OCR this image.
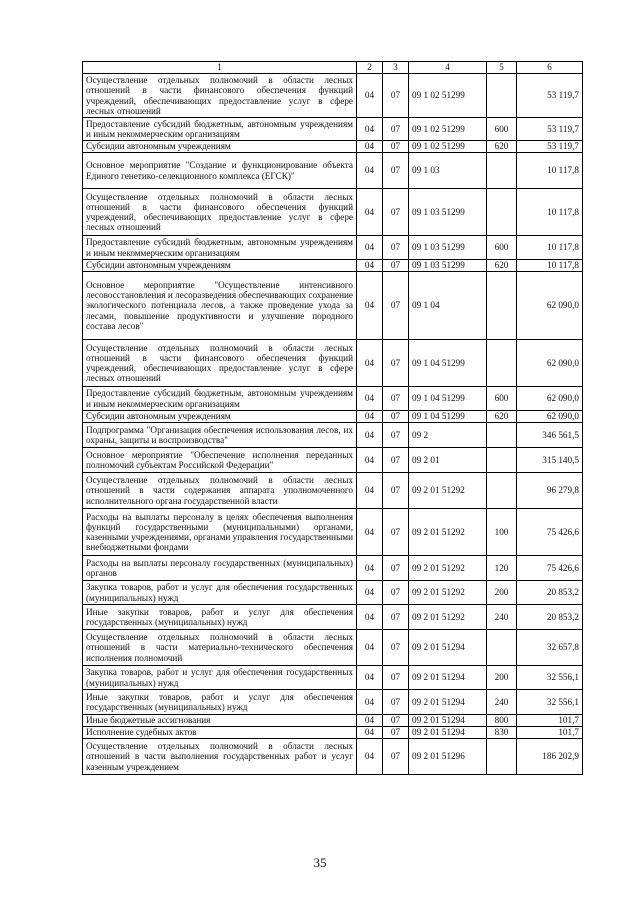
1	2	3	4	5	6
Осуществление отдельных полномочий в области лесных отношений в части финансового обеспечения функций учреждений, обеспечивающих предоставление услуг в сфере лесных отношений	04	07	09 1 02 51299		53 119,7
Предоставление субсидий бюджетным, автономным учреждениям и иным некоммерческим организациям	04	07	09 1 02 51299	600	53 119,7
Субсидии автономным учреждениям	04	07	09 1 02 51299	620	53 119,7
Основное мероприятие "Создание и функционирование объекта Единого генетико-селекционного комплекса (ЕГСК)"	04	07	09 1 03		10 117,8
Осуществление отдельных полномочий в области лесных отношений в части финансового обеспечения функций учреждений, обеспечивающих предоставление услуг в сфере лесных отношений	04	07	09 1 03 51299		10 117,8
Предоставление субсидий бюджетным, автономным учреждениям и иным некоммерческим организациям	04	07	09 1 03 51299	600	10 117,8
Субсидии автономным учреждениям	04	07	09 1 03 51299	620	10 117,8
Основное мероприятие "Осуществление интенсивного лесовосстановления и лесоразведения обеспечивающих сохранение экологического потенциала лесов, а также проведение ухода за лесами, повышение продуктивности и улучшение породного состава лесов"	04	07	09 1 04		62 090,0
Осуществление отдельных полномочий в области лесных отношений в части финансового обеспечения функций учреждений, обеспечивающих предоставление услуг в сфере лесных отношений	04	07	09 1 04 51299		62 090,0
Предоставление субсидий бюджетным, автономным учреждениям и иным некоммерческим организациям	04	07	09 1 04 51299	600	62 090,0
Субсидии автономным учреждениям	04	07	09 1 04 51299	620	62 090,0
Подпрограмма "Организация обеспечения использования лесов, их охраны, защиты и воспроизводства"	04	07	09 2		346 561,5
Основное мероприятие "Обеспечение исполнения переданных полномочий субъектам Российской Федерации"	04	07	09 2 01		315 140,5
Осуществление отдельных полномочий в области лесных отношений в части содержания аппарата уполномоченного исполнительного органа государственной власти	04	07	09 2 01 51292		96 279,8
Расходы на выплаты персоналу в целях обеспечения выполнения функций государственными (муниципальными) органами, казенными учреждениями, органами управления государственными внебюджетными фондами	04	07	09 2 01 51292	100	75 426,6
Расходы на выплаты персоналу государственных (муниципальных) органов	04	07	09 2 01 51292	120	75 426,6
Закупка товаров, работ и услуг для обеспечения государственных (муниципальных) нужд	04	07	09 2 01 51292	200	20 853,2
Иные закупки товаров, работ и услуг для обеспечения государственных (муниципальных) нужд	04	07	09 2 01 51292	240	20 853,2
Осуществление отдельных полномочий в области лесных отношений в части материально-технического обеспечения исполнения полномочий	04	07	09 2 01 51294		32 657,8
Закупка товаров, работ и услуг для обеспечения государственных (муниципальных) нужд	04	07	09 2 01 51294	200	32 556,1
Иные закупки товаров, работ и услуг для обеспечения государственных (муниципальных) нужд	04	07	09 2 01 51294	240	32 556,1
Иные бюджетные ассигнования	04	07	09 2 01 51294	800	101,7
Исполнение судебных актов	04	07	09 2 01 51294	830	101,7
Осуществление отдельных полномочий в области лесных отношений в части выполнения государственных работ и услуг казенным учреждением	04	07	09 2 01 51296		186 202,9
35
